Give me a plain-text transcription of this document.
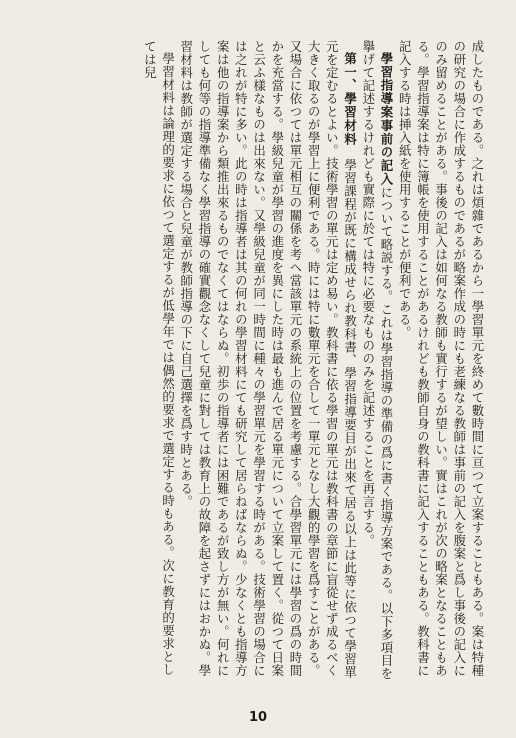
成したものである。之れは煩雜であるから一學習單元を終めて數時間に亘つて立案することもある。案は特種の研究の場合に作成するものであるが略案作成の時にも老練なる教師は事前の記入を腹案と爲し事後の記入にのみ留めることがある。事後の記入は如何なる教師も實行するが望しい。實はこれが次の略案となることもある。學習指導案は特に簿帳を使用することがあるけれども教師自身の教科書に記入することもある。教科書に記入する時は挿入紙を使用することが便利である。

學習指導案事前の記入について略説する。これは學習指導の準備の爲に書く指導方案である。以下多項目を擧げて記述するけれども實際に於ては特に必要なもののみを記述することを再言する。

第一、學習材料　學習課程が既に構成せられ教科書、學習指導要目が出來て居る以上は此等に依つて學習單元を定むるとよい。技術學習の單元は定め易い。教科書に依る學習の單元は教科書の章節に盲從せず成るべく大きく取るのが學習上に便利である。時には特に數單元を合して一單元となし大觀的學習を爲すことがある。又場合に依つては單元相互の關係を考へ當該單元の系統上の位置を考慮する。合學習單元には學習の爲の時間かを充當する。學級兒童が學習の進度を異にした時は最も進んで居る單元について立案して置く。從つて日案と云ふ樣なものは出來ない。又學級兒童が同一時間に種々の學習單元を學習する時がある。技術學習の場合には之れが特に多い。此の時は指導者は其の何れの學習材料にても研究して居らねばならぬ。少なくとも指導方案は他の指導案から類推出來るものでなくてはならぬ。初歩の指導者には困難であるが致し方が無い。何れにしても何等の指導準備なく學習指導の確實觀念なくして兒童に對しては教育上の故障を起さずにはおかぬ。學習材料は教師が選定する場合と兒童が教師指導の下に自己選擇を爲す時とある。

學習材料は論理的要求に依つて選定するが低學年では偶然的要求で選定する時もある。次に教育的要求としては兒

10
